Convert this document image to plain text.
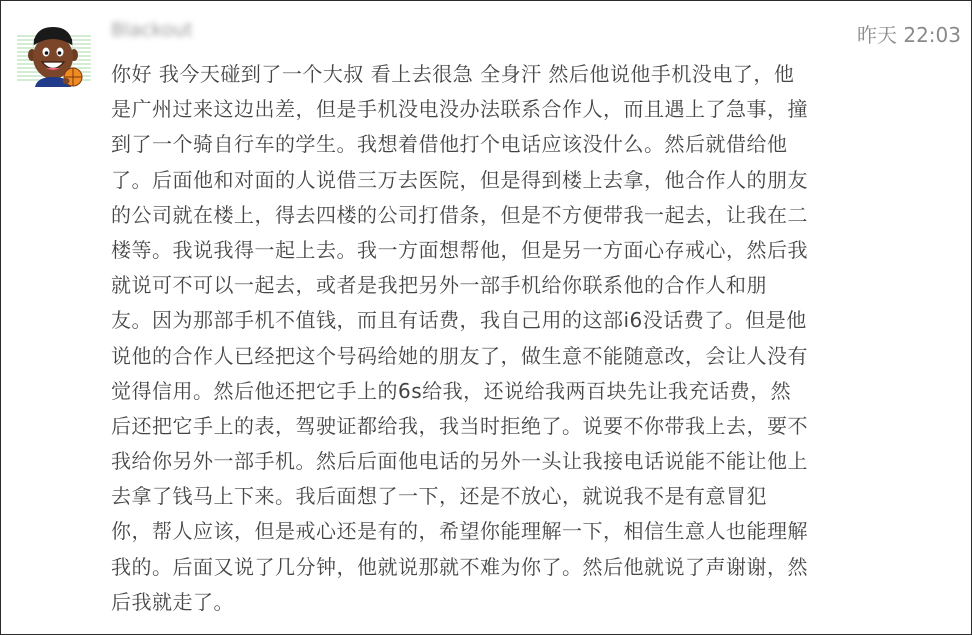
Blackout	昨天 22:03
你好 我今天碰到了一个大叔 看上去很急 全身汗 然后他说他手机没电了，他
是广州过来这边出差，但是手机没电没办法联系合作人，而且遇上了急事，撞
到了一个骑自行车的学生。我想着借他打个电话应该没什么。然后就借给他
了。后面他和对面的人说借三万去医院，但是得到楼上去拿，他合作人的朋友
的公司就在楼上，得去四楼的公司打借条，但是不方便带我一起去，让我在二
楼等。我说我得一起上去。我一方面想帮他，但是另一方面心存戒心，然后我
就说可不可以一起去，或者是我把另外一部手机给你联系他的合作人和朋
友。因为那部手机不值钱，而且有话费，我自己用的这部i6没话费了。但是他
说他的合作人已经把这个号码给她的朋友了，做生意不能随意改，会让人没有
觉得信用。然后他还把它手上的6s给我，还说给我两百块先让我充话费，然
后还把它手上的表，驾驶证都给我，我当时拒绝了。说要不你带我上去，要不
我给你另外一部手机。然后后面他电话的另外一头让我接电话说能不能让他上
去拿了钱马上下来。我后面想了一下，还是不放心，就说我不是有意冒犯
你，帮人应该，但是戒心还是有的，希望你能理解一下，相信生意人也能理解
我的。后面又说了几分钟，他就说那就不难为你了。然后他就说了声谢谢，然
后我就走了。
